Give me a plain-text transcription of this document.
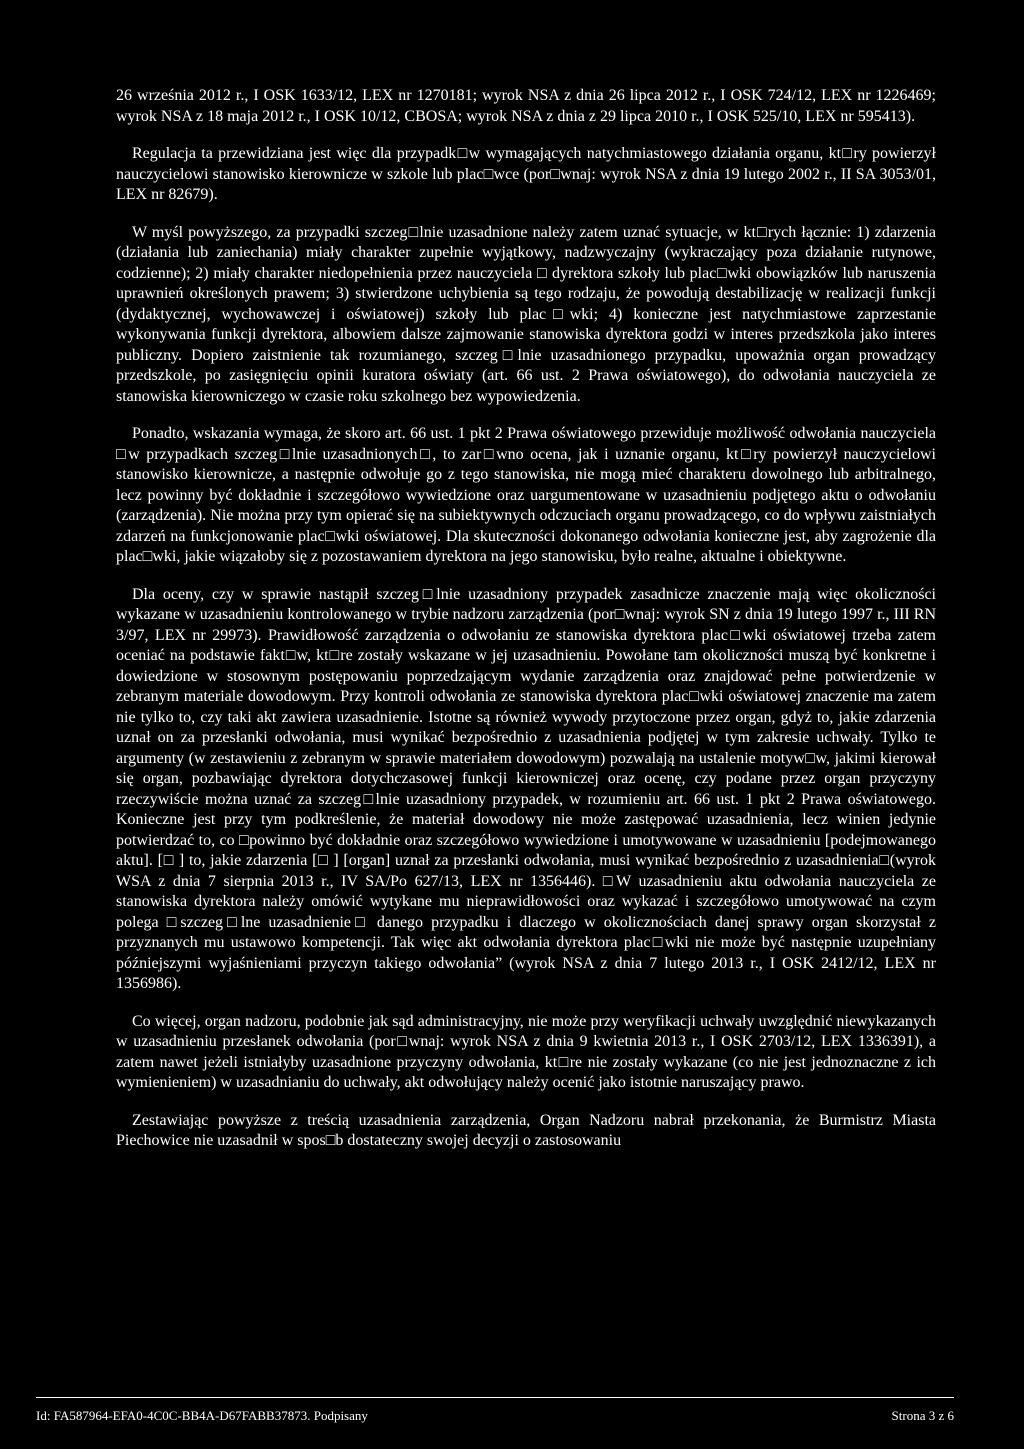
26 września 2012 r., I OSK 1633/12, LEX nr 1270181; wyrok NSA z dnia 26 lipca 2012 r., I OSK 724/12, LEX nr 1226469; wyrok NSA z 18 maja 2012 r., I OSK 10/12, CBOSA; wyrok NSA z dnia z 29 lipca 2010 r., I OSK 525/10, LEX nr 595413).

Regulacja ta przewidziana jest więc dla przypadk□w wymagających natychmiastowego działania organu, kt□ry powierzył nauczycielowi stanowisko kierownicze w szkole lub plac□wce (por□wnaj: wyrok NSA z dnia 19 lutego 2002 r., II SA 3053/01, LEX nr 82679).

W myśl powyższego, za przypadki szczeg□lnie uzasadnione należy zatem uznać sytuacje, w kt□rych łącznie: 1) zdarzenia (działania lub zaniechania) miały charakter zupełnie wyjątkowy, nadzwyczajny (wykraczający poza działanie rutynowe, codzienne); 2) miały charakter niedopełnienia przez nauczyciela □ dyrektora szkoły lub plac□wki obowiązków lub naruszenia uprawnień określonych prawem; 3) stwierdzone uchybienia są tego rodzaju, że powodują destabilizację w realizacji funkcji (dydaktycznej, wychowawczej i oświatowej) szkoły lub plac□wki; 4) konieczne jest natychmiastowe zaprzestanie wykonywania funkcji dyrektora, albowiem dalsze zajmowanie stanowiska dyrektora godzi w interes przedszkola jako interes publiczny. Dopiero zaistnienie tak rozumianego, szczeg□lnie uzasadnionego przypadku, upoważnia organ prowadzący przedszkole, po zasięgnięciu opinii kuratora oświaty (art. 66 ust. 2 Prawa oświatowego), do odwołania nauczyciela ze stanowiska kierowniczego w czasie roku szkolnego bez wypowiedzenia.

Ponadto, wskazania wymaga, że skoro art. 66 ust. 1 pkt 2 Prawa oświatowego przewiduje możliwość odwołania nauczyciela □w przypadkach szczeg□lnie uzasadnionych□, to zar□wno ocena, jak i uznanie organu, kt□ry powierzył nauczycielowi stanowisko kierownicze, a następnie odwołuje go z tego stanowiska, nie mogą mieć charakteru dowolnego lub arbitralnego, lecz powinny być dokładnie i szczegółowo wywiedzione oraz uargumentowane w uzasadnieniu podjętego aktu o odwołaniu (zarządzenia). Nie można przy tym opierać się na subiektywnych odczuciach organu prowadzącego, co do wpływu zaistniałych zdarzeń na funkcjonowanie plac□wki oświatowej. Dla skuteczności dokonanego odwołania konieczne jest, aby zagrożenie dla plac□wki, jakie wiązałoby się z pozostawaniem dyrektora na jego stanowisku, było realne, aktualne i obiektywne.

Dla oceny, czy w sprawie nastąpił szczeg□lnie uzasadniony przypadek zasadnicze znaczenie mają więc okoliczności wykazane w uzasadnieniu kontrolowanego w trybie nadzoru zarządzenia (por□wnaj: wyrok SN z dnia 19 lutego 1997 r., III RN 3/97, LEX nr 29973). Prawidłowość zarządzenia o odwołaniu ze stanowiska dyrektora plac□wki oświatowej trzeba zatem oceniać na podstawie fakt□w, kt□re zostały wskazane w jej uzasadnieniu. Powołane tam okoliczności muszą być konkretne i dowiedzione w stosownym postępowaniu poprzedzającym wydanie zarządzenia oraz znajdować pełne potwierdzenie w zebranym materiale dowodowym. Przy kontroli odwołania ze stanowiska dyrektora plac□wki oświatowej znaczenie ma zatem nie tylko to, czy taki akt zawiera uzasadnienie. Istotne są również wywody przytoczone przez organ, gdyż to, jakie zdarzenia uznał on za przesłanki odwołania, musi wynikać bezpośrednio z uzasadnienia podjętej w tym zakresie uchwały. Tylko te argumenty (w zestawieniu z zebranym w sprawie materiałem dowodowym) pozwalają na ustalenie motyw□w, jakimi kierował się organ, pozbawiając dyrektora dotychczasowej funkcji kierowniczej oraz ocenę, czy podane przez organ przyczyny rzeczywiście można uznać za szczeg□lnie uzasadniony przypadek, w rozumieniu art. 66 ust. 1 pkt 2 Prawa oświatowego. Konieczne jest przy tym podkreślenie, że materiał dowodowy nie może zastępować uzasadnienia, lecz winien jedynie potwierdzać to, co □powinno być dokładnie oraz szczegółowo wywiedzione i umotywowane w uzasadnieniu [podejmowanego aktu]. [□ ] to, jakie zdarzenia [□ ] [organ] uznał za przesłanki odwołania, musi wynikać bezpośrednio z uzasadnienia□(wyrok WSA z dnia 7 sierpnia 2013 r., IV SA/Po 627/13, LEX nr 1356446). □W uzasadnieniu aktu odwołania nauczyciela ze stanowiska dyrektora należy omówić wytykane mu nieprawidłowości oraz wykazać i szczegółowo umotywować na czym polega □szczeg□lne uzasadnienie□ danego przypadku i dlaczego w okolicznościach danej sprawy organ skorzystał z przyznanych mu ustawowo kompetencji. Tak więc akt odwołania dyrektora plac□wki nie może być następnie uzupełniany późniejszymi wyjaśnieniami przyczyn takiego odwołania” (wyrok NSA z dnia 7 lutego 2013 r., I OSK 2412/12, LEX nr 1356986).

Co więcej, organ nadzoru, podobnie jak sąd administracyjny, nie może przy weryfikacji uchwały uwzględnić niewykazanych w uzasadnieniu przesłanek odwołania (por□wnaj: wyrok NSA z dnia 9 kwietnia 2013 r., I OSK 2703/12, LEX 1336391), a zatem nawet jeżeli istniałyby uzasadnione przyczyny odwołania, kt□re nie zostały wykazane (co nie jest jednoznaczne z ich wymienieniem) w uzasadnianiu do uchwały, akt odwołujący należy ocenić jako istotnie naruszający prawo.

Zestawiając powyższe z treścią uzasadnienia zarządzenia, Organ Nadzoru nabrał przekonania, że Burmistrz Miasta Piechowice nie uzasadnił w spos□b dostateczny swojej decyzji o zastosowaniu

Id: FA587964-EFA0-4C0C-BB4A-D67FABB37873. Podpisany	Strona 3 z 6
